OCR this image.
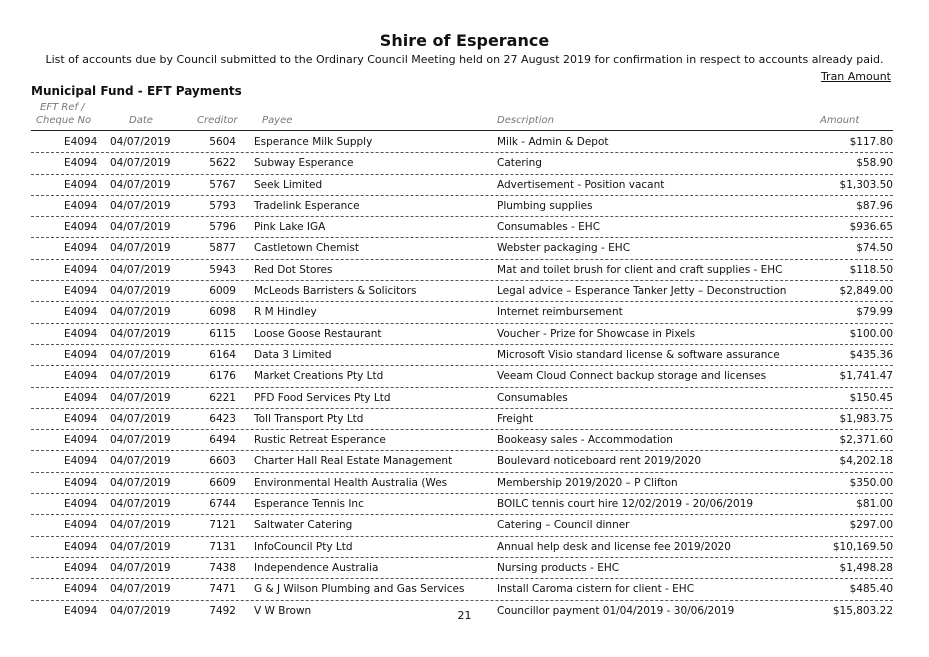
Shire of Esperance
List of accounts due by Council submitted to the Ordinary Council Meeting held on 27 August 2019 for confirmation in respect to accounts already paid.
Tran Amount
Municipal Fund - EFT Payments
EFT Ref /
Cheque No	Date	Creditor Payee	Description	Amount
E4094 04/07/2019	5604 Esperance Milk Supply	Milk - Admin & Depot	$117.80
E4094 04/07/2019	5622 Subway Esperance	Catering	$58.90
E4094 04/07/2019	5767 Seek Limited	Advertisement - Position vacant	$1,303.50
E4094 04/07/2019	5793 Tradelink Esperance	Plumbing supplies	$87.96
E4094 04/07/2019	5796 Pink Lake IGA	Consumables - EHC	$936.65
E4094 04/07/2019	5877 Castletown Chemist	Webster packaging - EHC	$74.50
E4094 04/07/2019	5943 Red Dot Stores	Mat and toilet brush for client and craft supplies - EHC	$118.50
E4094 04/07/2019	6009 McLeods Barristers & Solicitors	Legal advice – Esperance Tanker Jetty – Deconstruction	$2,849.00
E4094 04/07/2019	6098 R M Hindley	Internet reimbursement	$79.99
E4094 04/07/2019	6115 Loose Goose Restaurant	Voucher - Prize for Showcase in Pixels	$100.00
E4094 04/07/2019	6164 Data 3 Limited	Microsoft Visio standard license & software assurance	$435.36
E4094 04/07/2019	6176 Market Creations Pty Ltd	Veeam Cloud Connect backup storage and licenses	$1,741.47
E4094 04/07/2019	6221 PFD Food Services Pty Ltd	Consumables	$150.45
E4094 04/07/2019	6423 Toll Transport Pty Ltd	Freight	$1,983.75
E4094 04/07/2019	6494 Rustic Retreat Esperance	Bookeasy sales - Accommodation	$2,371.60
E4094 04/07/2019	6603 Charter Hall Real Estate Management	Boulevard noticeboard rent 2019/2020	$4,202.18
E4094 04/07/2019	6609 Environmental Health Australia (Wes	Membership 2019/2020 – P Clifton	$350.00
E4094 04/07/2019	6744 Esperance Tennis Inc	BOILC tennis court hire 12/02/2019 - 20/06/2019	$81.00
E4094 04/07/2019	7121 Saltwater Catering	Catering – Council dinner	$297.00
E4094 04/07/2019	7131 InfoCouncil Pty Ltd	Annual help desk and license fee 2019/2020	$10,169.50
E4094 04/07/2019	7438 Independence Australia	Nursing products - EHC	$1,498.28
E4094 04/07/2019	7471 G & J Wilson Plumbing and Gas Services	Install Caroma cistern for client - EHC	$485.40
E4094 04/07/2019	7492 V W Brown	Councillor payment 01/04/2019 - 30/06/2019	$15,803.22
21
